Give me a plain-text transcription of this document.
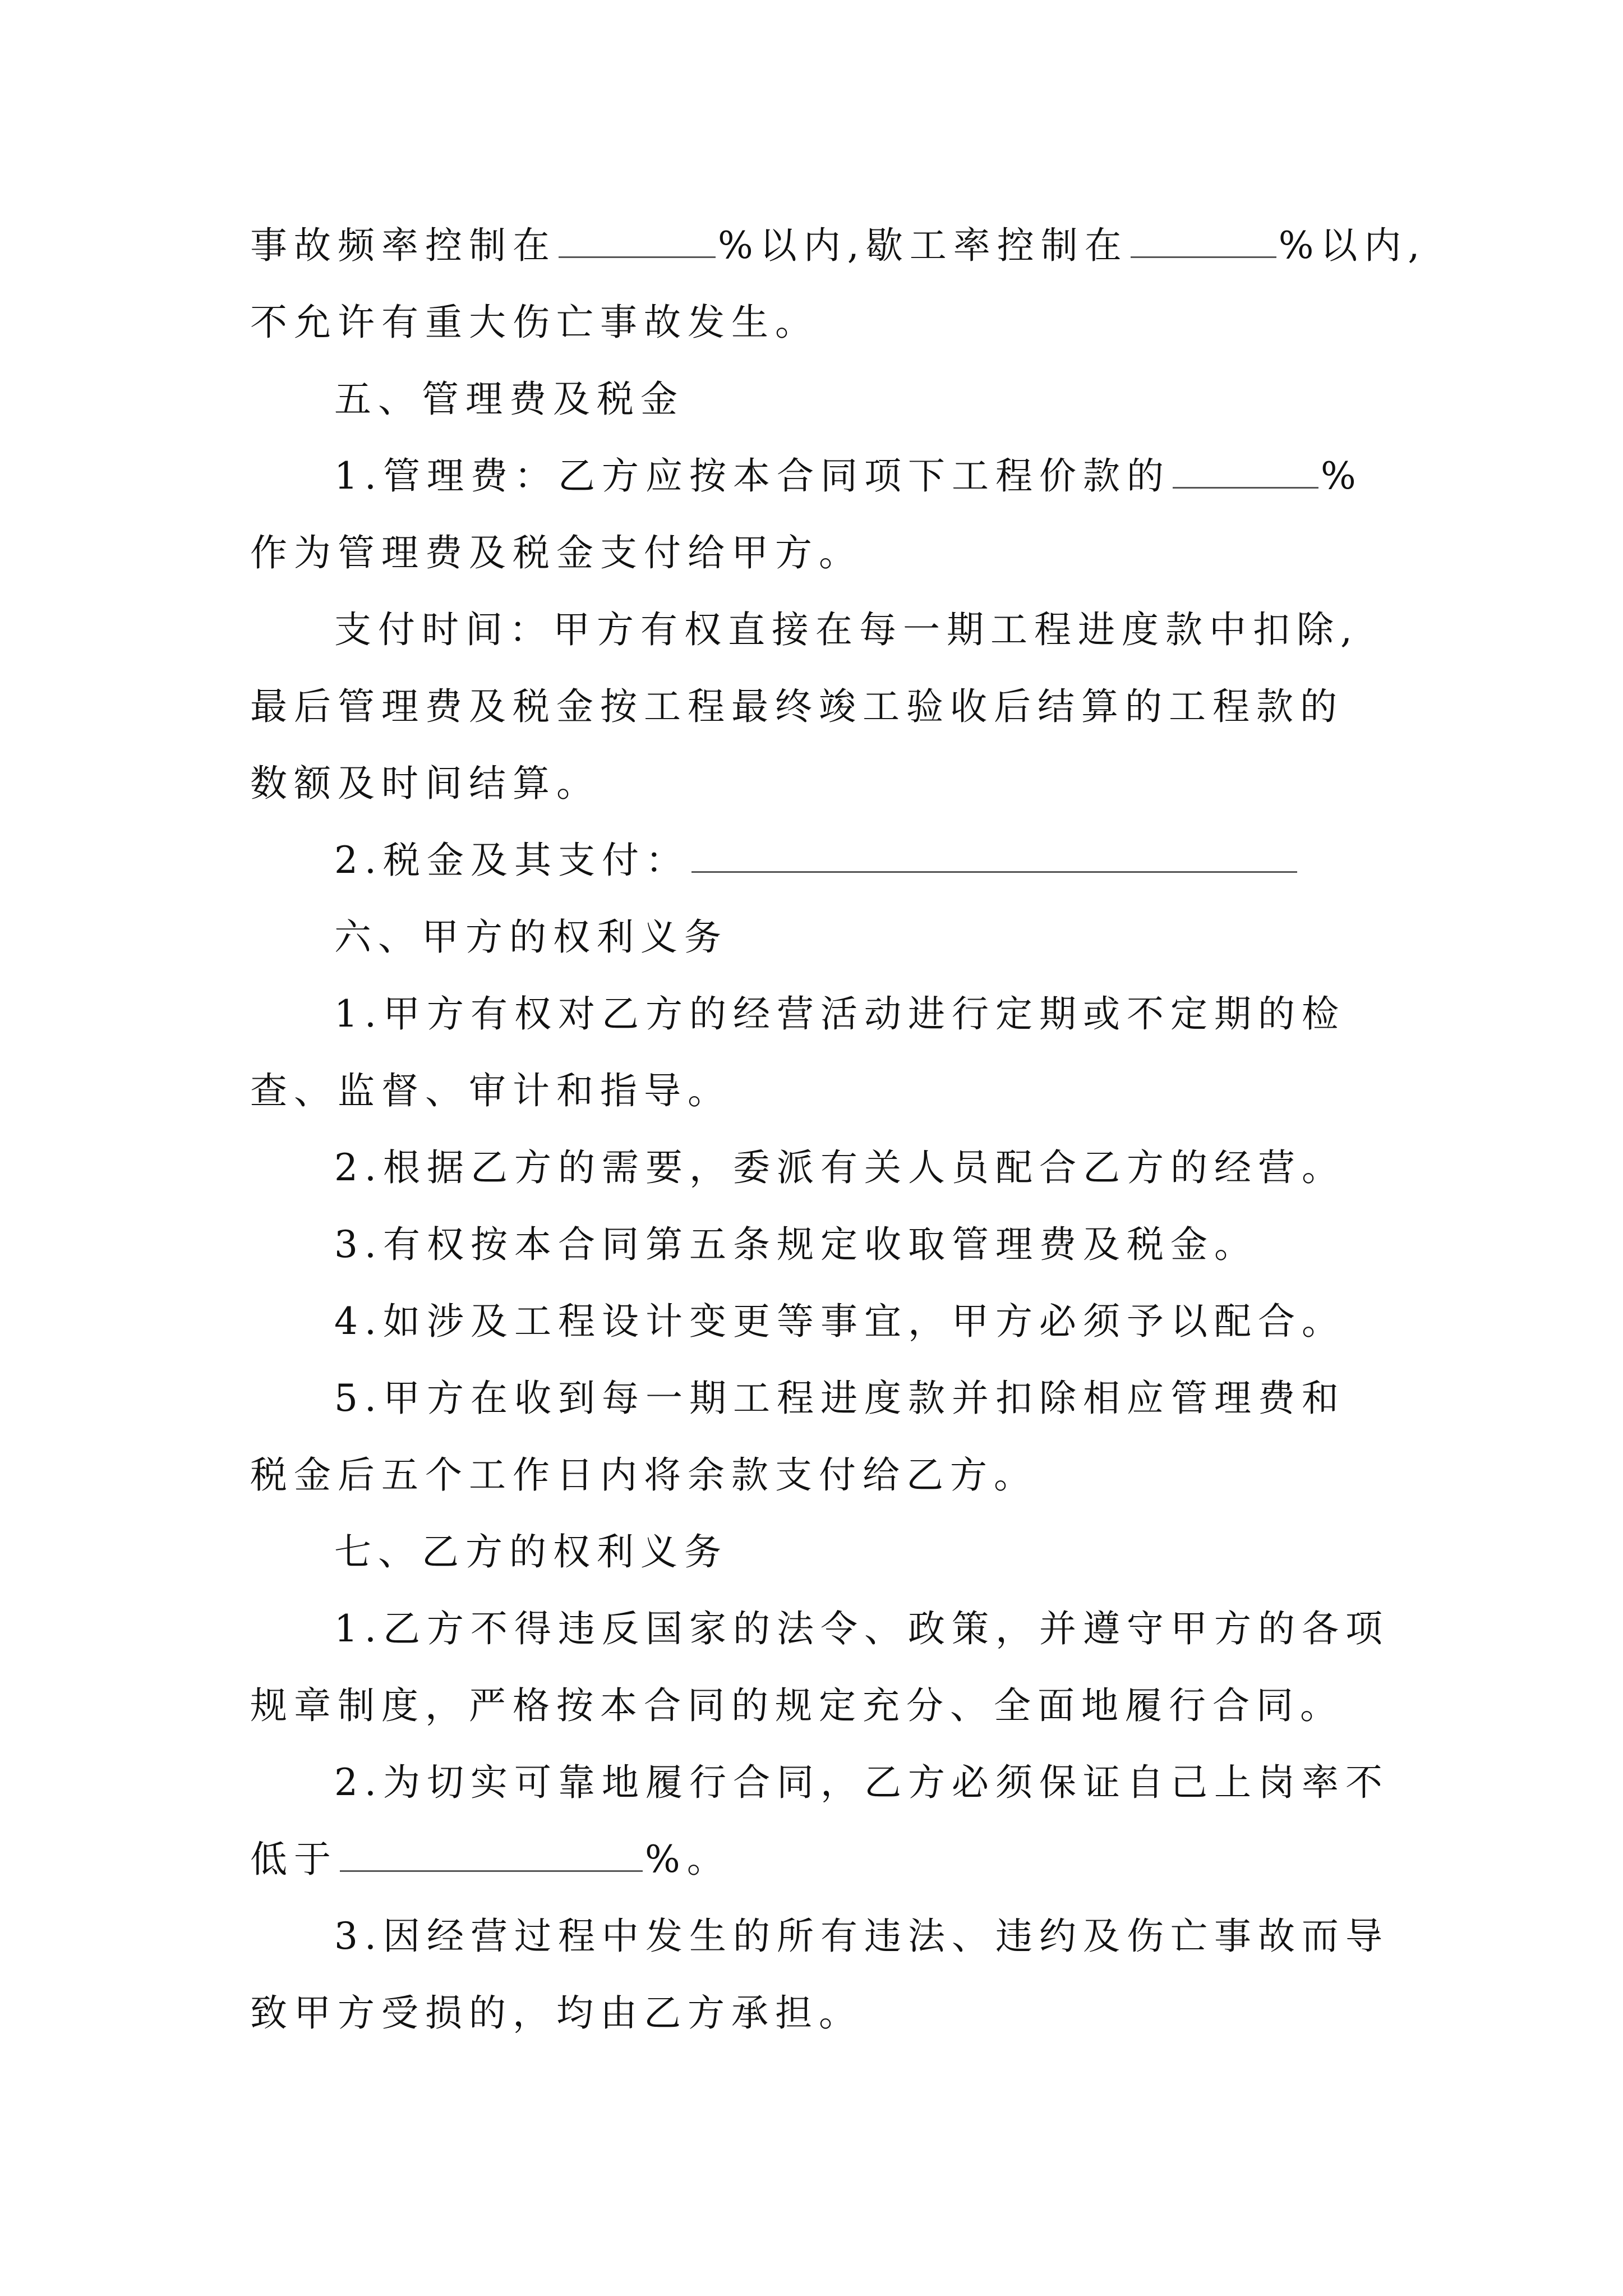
事故频率控制在	%以内,歇工率控制在	%以内,
不允许有重大伤亡事故发生。
五、管理费及税金
1.管理费：乙方应按本合同项下工程价款的	%
作为管理费及税金支付给甲方。
支付时间：甲方有权直接在每一期工程进度款中扣除,
最后管理费及税金按工程最终竣工验收后结算的工程款的
数额及时间结算。
2.税金及其支付：
六、甲方的权利义务
1.甲方有权对乙方的经营活动进行定期或不定期的检
查、监督、审计和指导。
2.根据乙方的需要，委派有关人员配合乙方的经营。
3.有权按本合同第五条规定收取管理费及税金。
4.如涉及工程设计变更等事宜，甲方必须予以配合。
5.甲方在收到每一期工程进度款并扣除相应管理费和
税金后五个工作日内将余款支付给乙方。
七、乙方的权利义务
1.乙方不得违反国家的法令、政策，并遵守甲方的各项
规章制度，严格按本合同的规定充分、全面地履行合同。
2.为切实可靠地履行合同，乙方必须保证自己上岗率不
低于	%。
3.因经营过程中发生的所有违法、违约及伤亡事故而导
致甲方受损的，均由乙方承担。
